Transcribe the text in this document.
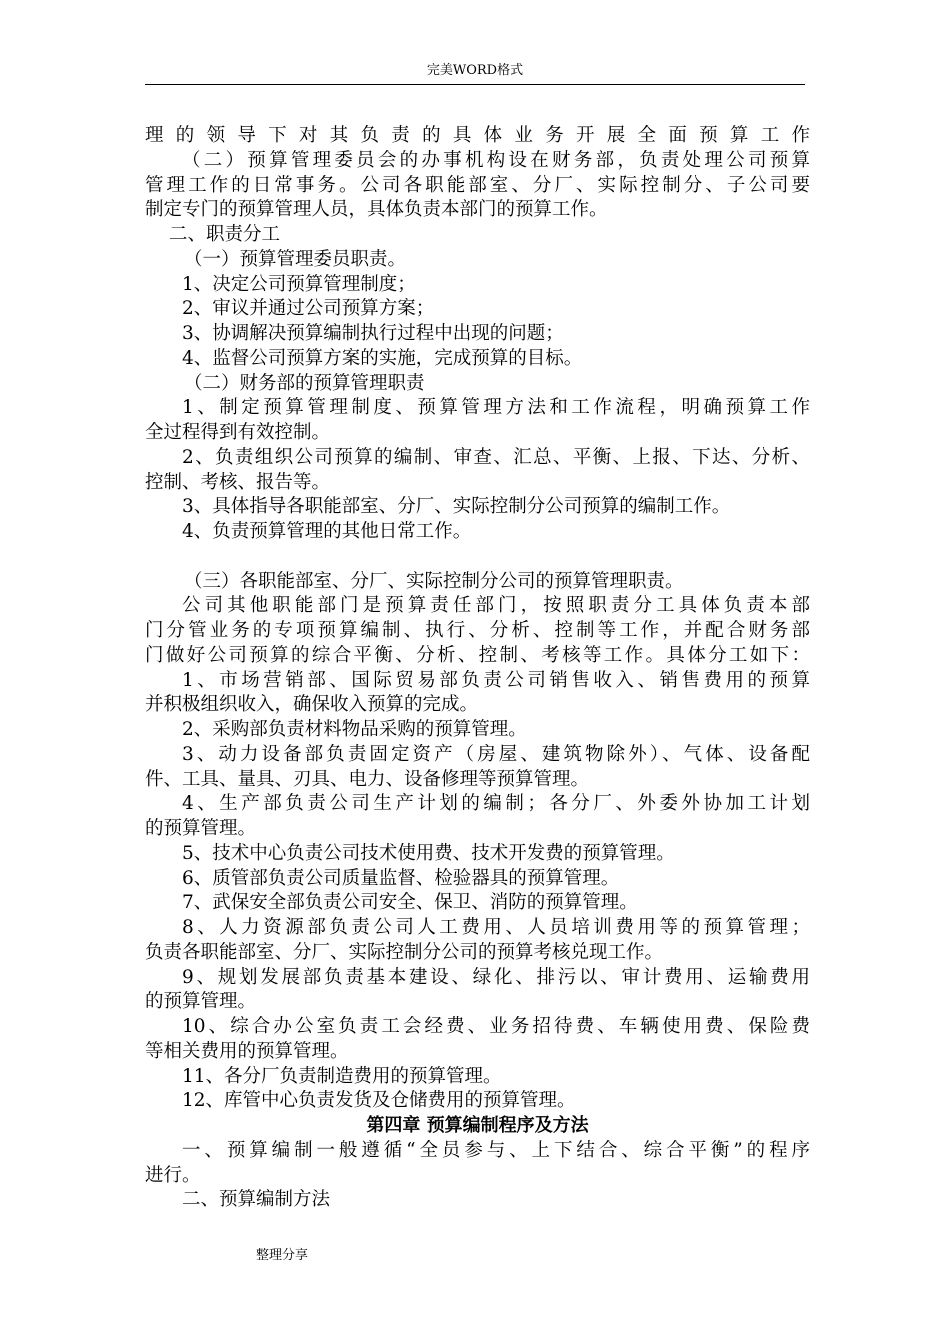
完美WORD格式
理的领导下对其负责的具体业务开展全面预算工作
（二）预算管理委员会的办事机构设在财务部，负责处理公司预算
管理工作的日常事务。公司各职能部室、分厂、实际控制分、子公司要
制定专门的预算管理人员，具体负责本部门的预算工作。
二、职责分工
（一）预算管理委员职责。
1、决定公司预算管理制度；
2、审议并通过公司预算方案；
3、协调解决预算编制执行过程中出现的问题；
4、监督公司预算方案的实施，完成预算的目标。
（二）财务部的预算管理职责
1、制定预算管理制度、预算管理方法和工作流程，明确预算工作
全过程得到有效控制。
2、负责组织公司预算的编制、审查、汇总、平衡、上报、下达、分析、
控制、考核、报告等。
3、具体指导各职能部室、分厂、实际控制分公司预算的编制工作。
4、负责预算管理的其他日常工作。
（三）各职能部室、分厂、实际控制分公司的预算管理职责。
公司其他职能部门是预算责任部门，按照职责分工具体负责本部
门分管业务的专项预算编制、执行、分析、控制等工作，并配合财务部
门做好公司预算的综合平衡、分析、控制、考核等工作。具体分工如下：
1、市场营销部、国际贸易部负责公司销售收入、销售费用的预算
并积极组织收入，确保收入预算的完成。
2、采购部负责材料物品采购的预算管理。
3、动力设备部负责固定资产（房屋、建筑物除外）、气体、设备配
件、工具、量具、刃具、电力、设备修理等预算管理。
4、生产部负责公司生产计划的编制；各分厂、外委外协加工计划
的预算管理。
5、技术中心负责公司技术使用费、技术开发费的预算管理。
6、质管部负责公司质量监督、检验器具的预算管理。
7、武保安全部负责公司安全、保卫、消防的预算管理。
8、人力资源部负责公司人工费用、人员培训费用等的预算管理；
负责各职能部室、分厂、实际控制分公司的预算考核兑现工作。
9、规划发展部负责基本建设、绿化、排污以、审计费用、运输费用
的预算管理。
10、综合办公室负责工会经费、业务招待费、车辆使用费、保险费
等相关费用的预算管理。
11、各分厂负责制造费用的预算管理。
12、库管中心负责发货及仓储费用的预算管理。
第四章 预算编制程序及方法
一、预算编制一般遵循“全员参与、上下结合、综合平衡”的程序
进行。
二、预算编制方法
整理分享
